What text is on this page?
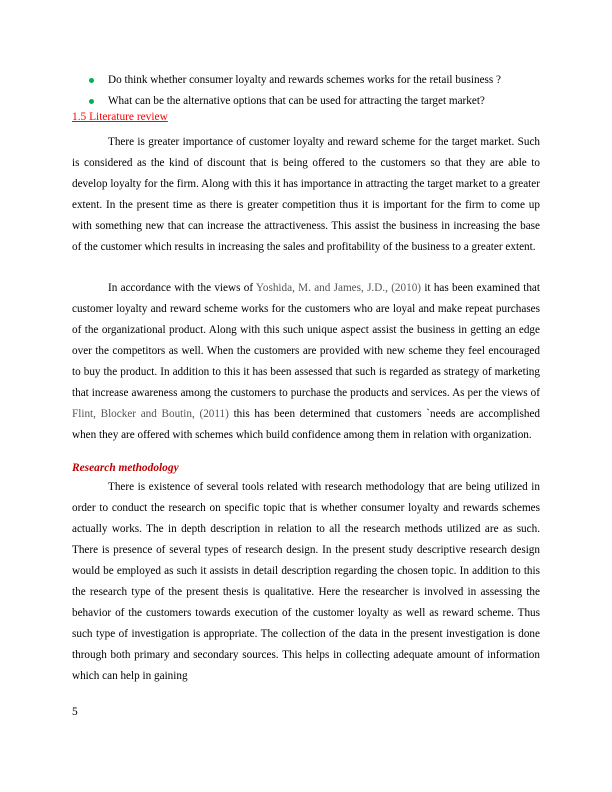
Do think whether consumer loyalty and rewards schemes works for the retail business ?
What can be the alternative options that can be used for attracting the target market?
1.5 Literature review

There is greater importance of customer loyalty and reward scheme for the target market. Such is considered as the kind of discount that is being offered to the customers so that they are able to develop loyalty for the firm. Along with this it has importance in attracting the target market to a greater extent. In the present time as there is greater competition thus it is important for the firm to come up with something new that can increase the attractiveness. This assist the business in increasing the base of the customer which results in increasing the sales and profitability of the business to a greater extent.

In accordance with the views of Yoshida, M. and James, J.D., (2010) it has been examined that customer loyalty and reward scheme works for the customers who are loyal and make repeat purchases of the organizational product. Along with this such unique aspect assist the business in getting an edge over the competitors as well. When the customers are provided with new scheme they feel encouraged to buy the product. In addition to this it has been assessed that such is regarded as strategy of marketing that increase awareness among the customers to purchase the products and services. As per the views of Flint, Blocker and Boutin, (2011) this has been determined that customers `needs are accomplished when they are offered with schemes which build confidence among them in relation with organization.

Research methodology

There is existence of several tools related with research methodology that are being utilized in order to conduct the research on specific topic that is whether consumer loyalty and rewards schemes actually works. The in depth description in relation to all the research methods utilized are as such. There is presence of several types of research design. In the present study descriptive research design would be employed as such it assists in detail description regarding the chosen topic. In addition to this the research type of the present thesis is qualitative. Here the researcher is involved in assessing the behavior of the customers towards execution of the customer loyalty as well as reward scheme. Thus such type of investigation is appropriate. The collection of the data in the present investigation is done through both primary and secondary sources. This helps in collecting adequate amount of information which can help in gaining

5
